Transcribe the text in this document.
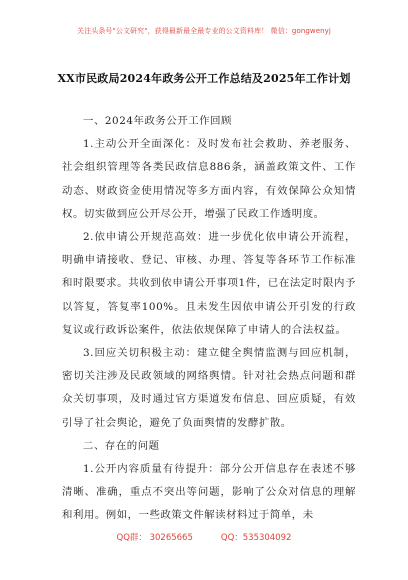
关注头条号"公文研究"，获得最新最全最专业的公文资料库！ 微信：gongwenyj
XX市民政局2024年政务公开工作总结及2025年工作计划

一、2024年政务公开工作回顾

1.主动公开全面深化：及时发布社会救助、养老服务、社会组织管理等各类民政信息886条，涵盖政策文件、工作动态、财政资金使用情况等多方面内容，有效保障公众知情权。切实做到应公开尽公开，增强了民政工作透明度。

2.依申请公开规范高效：进一步优化依申请公开流程，明确申请接收、登记、审核、办理、答复等各环节工作标准和时限要求。共收到依申请公开事项1件，已在法定时限内予以答复，答复率100%。且未发生因依申请公开引发的行政复议或行政诉讼案件，依法依规保障了申请人的合法权益。

3.回应关切积极主动：建立健全舆情监测与回应机制，密切关注涉及民政领域的网络舆情。针对社会热点问题和群众关切事项，及时通过官方渠道发布信息、回应质疑，有效引导了社会舆论，避免了负面舆情的发酵扩散。

二、存在的问题

1.公开内容质量有待提升：部分公开信息存在表述不够清晰、准确，重点不突出等问题，影响了公众对信息的理解和利用。例如，一些政策文件解读材料过于简单，未

QQ群： 30265665	QQ：535304092
